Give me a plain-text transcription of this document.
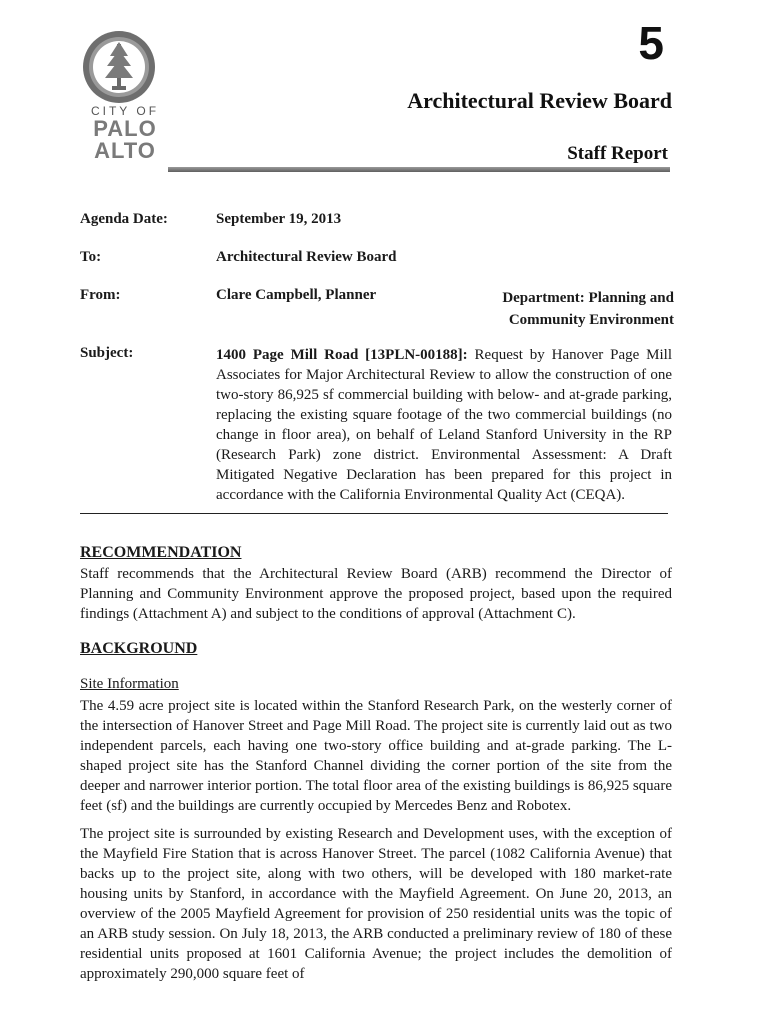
CITY OF
PALO
ALTO
5
Architectural Review Board
Staff Report
Agenda Date:	September 19, 2013
To:	Architectural Review Board
From:	Clare Campbell, Planner	Department: Planning and
Community Environment
Subject:	1400 Page Mill Road [13PLN-00188]: Request by Hanover Page Mill Associates for Major Architectural Review to allow the construction of one two-story 86,925 sf commercial building with below- and at-grade parking, replacing the existing square footage of the two commercial buildings (no change in floor area), on behalf of Leland Stanford University in the RP (Research Park) zone district. Environmental Assessment: A Draft Mitigated Negative Declaration has been prepared for this project in accordance with the California Environmental Quality Act (CEQA).
RECOMMENDATION
Staff recommends that the Architectural Review Board (ARB) recommend the Director of Planning and Community Environment approve the proposed project, based upon the required findings (Attachment A) and subject to the conditions of approval (Attachment C).
BACKGROUND
Site Information
The 4.59 acre project site is located within the Stanford Research Park, on the westerly corner of the intersection of Hanover Street and Page Mill Road. The project site is currently laid out as two independent parcels, each having one two-story office building and at-grade parking. The L-shaped project site has the Stanford Channel dividing the corner portion of the site from the deeper and narrower interior portion. The total floor area of the existing buildings is 86,925 square feet (sf) and the buildings are currently occupied by Mercedes Benz and Robotex.
The project site is surrounded by existing Research and Development uses, with the exception of the Mayfield Fire Station that is across Hanover Street. The parcel (1082 California Avenue) that backs up to the project site, along with two others, will be developed with 180 market-rate housing units by Stanford, in accordance with the Mayfield Agreement. On June 20, 2013, an overview of the 2005 Mayfield Agreement for provision of 250 residential units was the topic of an ARB study session. On July 18, 2013, the ARB conducted a preliminary review of 180 of these residential units proposed at 1601 California Avenue; the project includes the demolition of approximately 290,000 square feet of
